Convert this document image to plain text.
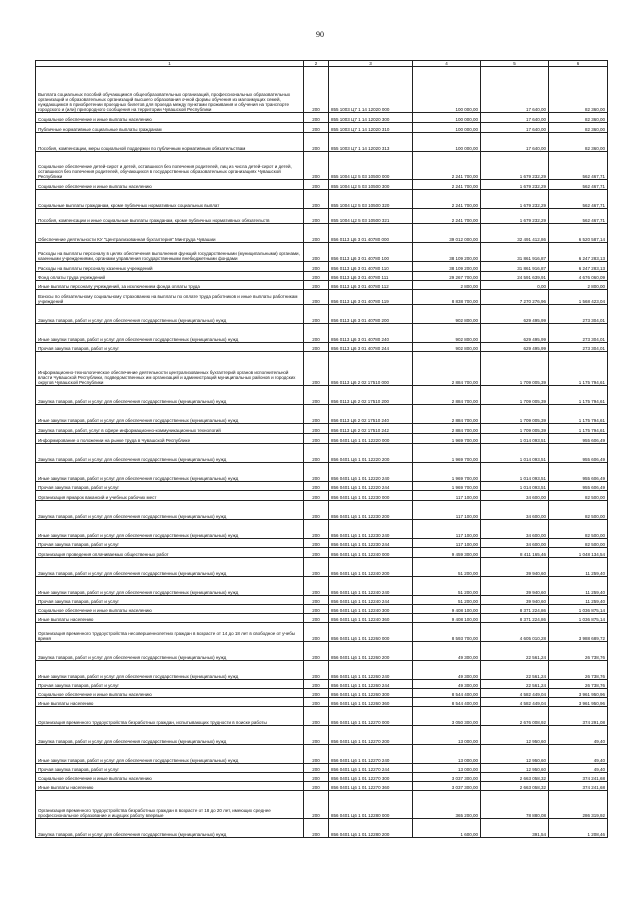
90
1	2	3	4	5	6
Выплата социальных пособий обучающимся общеобразовательных организаций, профессиональных образовательных организаций и образовательных организаций высшего образования очной формы обучения из малоимущих семей, нуждающимся в приобретении проездных билетов для проезда между пунктами проживания и обучения на транспорте городского и (или) пригородного сообщения на территории Чувашской Республики	200	855 1003 Ц7 1 14 12020 000	100 000,00	17 640,00	82 360,00
Социальное обеспечение и иные выплаты населению	200	855 1003 Ц7 1 14 12020 300	100 000,00	17 640,00	82 360,00
Публичные нормативные социальные выплаты гражданам	200	855 1003 Ц7 1 14 12020 310	100 000,00	17 640,00	82 360,00
Пособия, компенсации, меры социальной поддержки по публичным нормативным обязательствам	200	855 1003 Ц7 1 14 12020 313	100 000,00	17 640,00	82 360,00
Социальное обеспечение детей-сирот и детей, оставшихся без попечения родителей, лиц из числа детей-сирот и детей, оставшихся без попечения родителей, обучающихся в государственных образовательных организациях Чувашской Республики	200	855 1004 Ц2 5 03 10500 000	2 241 700,00	1 679 232,29	562 467,71
Социальное обеспечение и иные выплаты населению	200	855 1004 Ц2 5 03 10500 300	2 241 700,00	1 679 232,29	562 467,71
Социальные выплаты гражданам, кроме публичных нормативных социальных выплат	200	855 1004 Ц2 5 03 10500 320	2 241 700,00	1 679 232,29	562 467,71
Пособия, компенсации и иные социальные выплаты гражданам, кроме публичных нормативных обязательств	200	855 1004 Ц2 5 03 10500 321	2 241 700,00	1 679 232,29	562 467,71
Обеспечение деятельности КУ "Централизованная бухгалтерия" Минтруда Чувашии	200	856 0113 Ц6 3 01 40780 000	39 012 000,00	32 491 412,86	6 520 587,14
Расходы на выплаты персоналу в целях обеспечения выполнения функций государственными (муниципальными) органами, казенными учреждениями, органами управления государственными внебюджетными фондами	200	856 0113 Ц6 3 01 40780 100	38 109 200,00	31 861 916,87	6 247 283,13
Расходы на выплаты персоналу казенных учреждений	200	856 0113 Ц6 3 01 40780 110	38 109 200,00	31 861 916,87	6 247 283,13
Фонд оплаты труда учреждений	200	856 0113 Ц6 3 01 40780 111	29 267 700,00	24 591 639,91	4 676 060,09
Иные выплаты персоналу учреждений, за исключением фонда оплаты труда	200	856 0113 Ц6 3 01 40780 112	2 800,00	0,00	2 800,00
Взносы по обязательному социальному страхованию на выплаты по оплате труда работников и иные выплаты работникам учреждений	200	856 0113 Ц6 3 01 40780 119	8 838 700,00	7 270 276,96	1 568 423,04
Закупка товаров, работ и услуг для обеспечения государственных (муниципальных) нужд	200	856 0113 Ц6 3 01 40780 200	902 800,00	629 495,99	273 304,01
Иные закупки товаров, работ и услуг для обеспечения государственных (муниципальных) нужд	200	856 0113 Ц6 3 01 40780 240	902 800,00	629 495,99	273 304,01
Прочая закупка товаров, работ и услуг	200	856 0113 Ц6 3 01 40780 244	902 800,00	629 495,99	273 304,01
Информационно-технологическое обеспечение деятельности централизованных бухгалтерий органов исполнительной власти Чувашской Республики, подведомственных им организаций и администраций муниципальных районов и городских округов Чувашской Республики	200	856 0113 Ц6 2 02 17510 000	2 884 700,00	1 709 005,39	1 175 794,61
Закупка товаров, работ и услуг для обеспечения государственных (муниципальных) нужд	200	856 0113 Ц6 2 02 17510 200	2 884 700,00	1 709 005,39	1 175 794,61
Иные закупки товаров, работ и услуг для обеспечения государственных (муниципальных) нужд	200	856 0113 Ц6 2 02 17510 240	2 884 700,00	1 709 005,39	1 175 794,61
Закупка товаров, работ, услуг в сфере информационно-коммуникационных технологий	200	856 0113 Ц6 2 02 17510 242	2 884 700,00	1 709 005,39	1 175 794,61
Информирование о положении на рынке труда в Чувашской Республике	200	856 0401 Ц6 1 01 12220 000	1 969 700,00	1 014 093,51	955 606,49
Закупка товаров, работ и услуг для обеспечения государственных (муниципальных) нужд	200	856 0401 Ц6 1 01 12220 200	1 969 700,00	1 014 093,51	955 606,49
Иные закупки товаров, работ и услуг для обеспечения государственных (муниципальных) нужд	200	856 0401 Ц6 1 01 12220 240	1 969 700,00	1 014 093,51	955 606,49
Прочая закупка товаров, работ и услуг	200	856 0401 Ц6 1 01 12220 244	1 969 700,00	1 014 093,51	955 606,49
Организация ярмарок вакансий и учебных рабочих мест	200	856 0401 Ц6 1 01 12230 000	117 100,00	34 600,00	82 500,00
Закупка товаров, работ и услуг для обеспечения государственных (муниципальных) нужд	200	856 0401 Ц6 1 01 12230 200	117 100,00	34 600,00	82 500,00
Иные закупки товаров, работ и услуг для обеспечения государственных (муниципальных) нужд	200	856 0401 Ц6 1 01 12230 240	117 100,00	34 600,00	82 500,00
Прочая закупка товаров, работ и услуг	200	856 0401 Ц6 1 01 12230 244	117 100,00	34 600,00	82 500,00
Организация проведения оплачиваемых общественных работ	200	856 0401 Ц6 1 01 12240 000	9 459 300,00	8 411 165,46	1 048 134,54
Закупка товаров, работ и услуг для обеспечения государственных (муниципальных) нужд	200	856 0401 Ц6 1 01 12240 200	51 200,00	39 940,60	11 259,40
Иные закупки товаров, работ и услуг для обеспечения государственных (муниципальных) нужд	200	856 0401 Ц6 1 01 12240 240	51 200,00	39 940,60	11 259,40
Прочая закупка товаров, работ и услуг	200	856 0401 Ц6 1 01 12240 244	51 200,00	39 940,60	11 259,40
Социальное обеспечение и иные выплаты населению	200	856 0401 Ц6 1 01 12240 300	9 408 100,00	8 371 224,86	1 036 875,14
Иные выплаты населению	200	856 0401 Ц6 1 01 12240 360	9 408 100,00	8 371 224,86	1 036 875,14
Организация временного трудоустройства несовершеннолетних граждан в возрасте от 14 до 18 лет в свободное от учебы время	200	856 0401 Ц6 1 01 12260 000	8 593 700,00	4 605 010,28	3 988 689,72
Закупка товаров, работ и услуг для обеспечения государственных (муниципальных) нужд	200	856 0401 Ц6 1 01 12260 200	49 300,00	22 561,24	26 738,76
Иные закупки товаров, работ и услуг для обеспечения государственных (муниципальных) нужд	200	856 0401 Ц6 1 01 12260 240	49 300,00	22 561,24	26 738,76
Прочая закупка товаров, работ и услуг	200	856 0401 Ц6 1 01 12260 244	49 300,00	22 561,24	26 738,76
Социальное обеспечение и иные выплаты населению	200	856 0401 Ц6 1 01 12260 300	8 544 400,00	4 582 449,04	3 961 950,96
Иные выплаты населению	200	856 0401 Ц6 1 01 12260 360	8 544 400,00	4 582 449,04	3 961 950,96
Организация временного трудоустройства безработных граждан, испытывающих трудности в поиске работы	200	856 0401 Ц6 1 01 12270 000	3 050 300,00	2 676 008,92	374 291,08
Закупка товаров, работ и услуг для обеспечения государственных (муниципальных) нужд	200	856 0401 Ц6 1 01 12270 200	13 000,00	12 950,60	49,40
Иные закупки товаров, работ и услуг для обеспечения государственных (муниципальных) нужд	200	856 0401 Ц6 1 01 12270 240	13 000,00	12 950,60	49,40
Прочая закупка товаров, работ и услуг	200	856 0401 Ц6 1 01 12270 244	13 000,00	12 950,60	49,40
Социальное обеспечение и иные выплаты населению	200	856 0401 Ц6 1 01 12270 300	3 037 300,00	2 663 058,32	374 241,68
Иные выплаты населению	200	856 0401 Ц6 1 01 12270 360	3 037 300,00	2 663 058,32	374 241,68
Организация временного трудоустройства безработных граждан в возрасте от 18 до 20 лет, имеющих среднее профессиональное образование и ищущих работу впервые	200	856 0401 Ц6 1 01 12280 000	365 200,00	78 880,08	286 319,92
Закупка товаров, работ и услуг для обеспечения государственных (муниципальных) нужд	200	856 0401 Ц6 1 01 12280 200	1 600,00	391,54	1 208,46
